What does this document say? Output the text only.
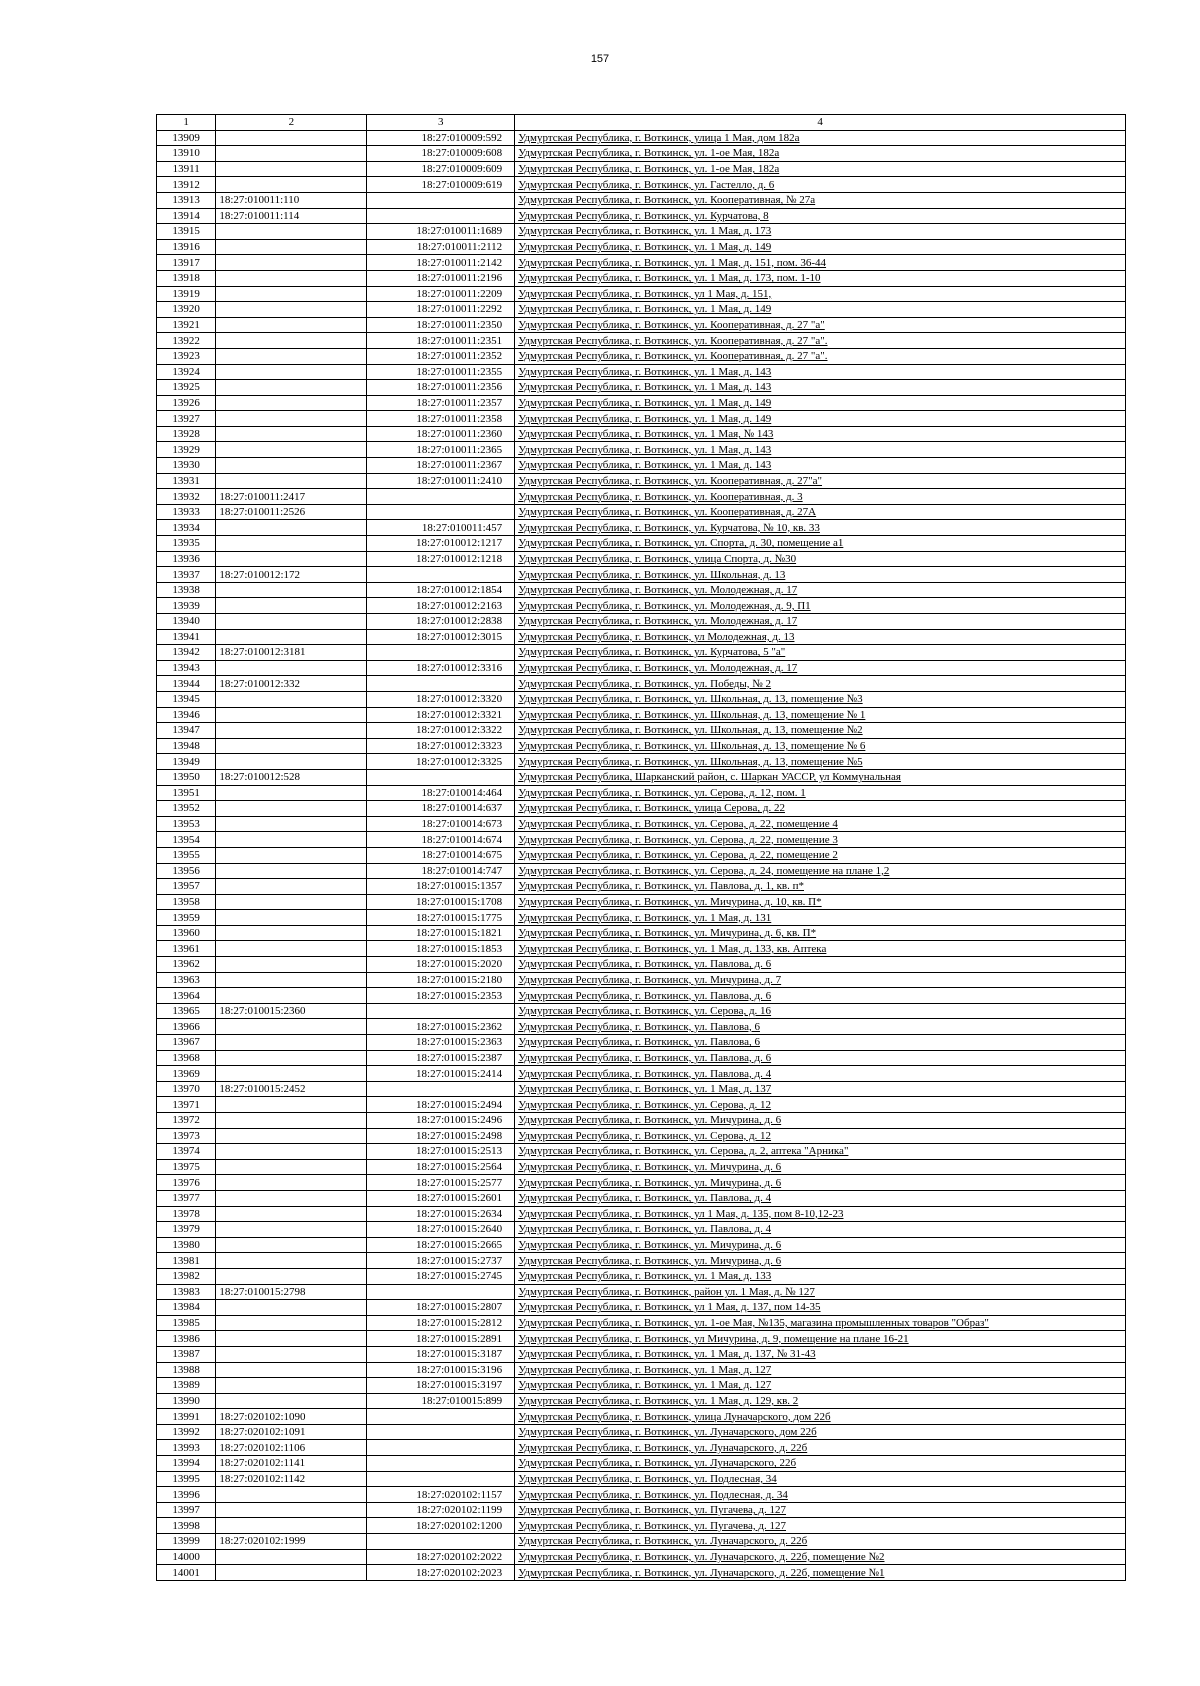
157
1	2	3	4
13909		18:27:010009:592	Удмуртская Республика, г. Воткинск, улица 1 Мая, дом 182а
13910		18:27:010009:608	Удмуртская Республика, г. Воткинск, ул. 1-ое Мая, 182а
13911		18:27:010009:609	Удмуртская Республика, г. Воткинск, ул. 1-ое Мая, 182а
13912		18:27:010009:619	Удмуртская Республика, г. Воткинск, ул. Гастелло, д. 6
13913	18:27:010011:110		Удмуртская Республика, г. Воткинск, ул. Кооперативная, № 27а
13914	18:27:010011:114		Удмуртская Республика, г. Воткинск, ул. Курчатова, 8
13915		18:27:010011:1689	Удмуртская Республика, г. Воткинск, ул. 1 Мая, д. 173
13916		18:27:010011:2112	Удмуртская Республика, г. Воткинск, ул. 1 Мая, д. 149
13917		18:27:010011:2142	Удмуртская Республика, г. Воткинск, ул. 1 Мая, д. 151, пом. 36-44
13918		18:27:010011:2196	Удмуртская Республика, г. Воткинск, ул. 1 Мая, д. 173, пом. 1-10
13919		18:27:010011:2209	Удмуртская Республика, г. Воткинск, ул 1 Мая, д. 151,
13920		18:27:010011:2292	Удмуртская Республика, г. Воткинск, ул. 1 Мая, д. 149
13921		18:27:010011:2350	Удмуртская Республика, г. Воткинск, ул. Кооперативная, д. 27 "а"
13922		18:27:010011:2351	Удмуртская Республика, г. Воткинск, ул. Кооперативная, д. 27 "а".
13923		18:27:010011:2352	Удмуртская Республика, г. Воткинск, ул. Кооперативная, д. 27 "а".
13924		18:27:010011:2355	Удмуртская Республика, г. Воткинск, ул. 1 Мая, д. 143
13925		18:27:010011:2356	Удмуртская Республика, г. Воткинск, ул. 1 Мая, д. 143
13926		18:27:010011:2357	Удмуртская Республика, г. Воткинск, ул. 1 Мая, д. 149
13927		18:27:010011:2358	Удмуртская Республика, г. Воткинск, ул. 1 Мая, д. 149
13928		18:27:010011:2360	Удмуртская Республика, г. Воткинск, ул. 1 Мая, № 143
13929		18:27:010011:2365	Удмуртская Республика, г. Воткинск, ул. 1 Мая, д. 143
13930		18:27:010011:2367	Удмуртская Республика, г. Воткинск, ул. 1 Мая, д. 143
13931		18:27:010011:2410	Удмуртская Республика, г. Воткинск, ул. Кооперативная, д. 27"а"
13932	18:27:010011:2417		Удмуртская Республика, г. Воткинск, ул. Кооперативная, д. 3
13933	18:27:010011:2526		Удмуртская Республика, г. Воткинск, ул. Кооперативная, д. 27А
13934		18:27:010011:457	Удмуртская Республика, г. Воткинск, ул. Курчатова, № 10, кв. 33
13935		18:27:010012:1217	Удмуртская Республика, г. Воткинск, ул. Спорта, д. 30, помещение а1
13936		18:27:010012:1218	Удмуртская Республика, г. Воткинск, улица Спорта, д. №30
13937	18:27:010012:172		Удмуртская Республика, г. Воткинск, ул. Школьная, д. 13
13938		18:27:010012:1854	Удмуртская Республика, г. Воткинск, ул. Молодежная, д. 17
13939		18:27:010012:2163	Удмуртская Республика, г. Воткинск, ул. Молодежная, д. 9, П1
13940		18:27:010012:2838	Удмуртская Республика, г. Воткинск, ул. Молодежная, д. 17
13941		18:27:010012:3015	Удмуртская Республика, г. Воткинск, ул Молодежная, д. 13
13942	18:27:010012:3181		Удмуртская Республика, г. Воткинск, ул. Курчатова, 5 "а"
13943		18:27:010012:3316	Удмуртская Республика, г. Воткинск, ул. Молодежная, д. 17
13944	18:27:010012:332		Удмуртская Республика, г. Воткинск, ул. Победы, № 2
13945		18:27:010012:3320	Удмуртская Республика, г. Воткинск, ул. Школьная, д. 13, помещение №3
13946		18:27:010012:3321	Удмуртская Республика, г. Воткинск, ул. Школьная, д. 13, помещение № 1
13947		18:27:010012:3322	Удмуртская Республика, г. Воткинск, ул. Школьная, д. 13, помещение №2
13948		18:27:010012:3323	Удмуртская Республика, г. Воткинск, ул. Школьная, д. 13, помещение № 6
13949		18:27:010012:3325	Удмуртская Республика, г. Воткинск, ул. Школьная, д. 13, помещение №5
13950	18:27:010012:528		Удмуртская Республика, Шарканский район, с. Шаркан УАССР, ул Коммунальная
13951		18:27:010014:464	Удмуртская Республика, г. Воткинск, ул. Серова, д. 12, пом. 1
13952		18:27:010014:637	Удмуртская Республика, г. Воткинск, улица Серова, д. 22
13953		18:27:010014:673	Удмуртская Республика, г. Воткинск, ул. Серова, д. 22, помещение 4
13954		18:27:010014:674	Удмуртская Республика, г. Воткинск, ул. Серова, д. 22, помещение 3
13955		18:27:010014:675	Удмуртская Республика, г. Воткинск, ул. Серова, д. 22, помещение 2
13956		18:27:010014:747	Удмуртская Республика, г. Воткинск, ул. Серова, д. 24, помещение на плане 1,2
13957		18:27:010015:1357	Удмуртская Республика, г. Воткинск, ул. Павлова, д. 1, кв. п*
13958		18:27:010015:1708	Удмуртская Республика, г. Воткинск, ул. Мичурина, д. 10, кв. П*
13959		18:27:010015:1775	Удмуртская Республика, г. Воткинск, ул. 1 Мая, д. 131
13960		18:27:010015:1821	Удмуртская Республика, г. Воткинск, ул. Мичурина, д. 6, кв. П*
13961		18:27:010015:1853	Удмуртская Республика, г. Воткинск, ул. 1 Мая, д. 133, кв. Аптека
13962		18:27:010015:2020	Удмуртская Республика, г. Воткинск, ул. Павлова, д. 6
13963		18:27:010015:2180	Удмуртская Республика, г. Воткинск, ул. Мичурина, д. 7
13964		18:27:010015:2353	Удмуртская Республика, г. Воткинск, ул. Павлова, д. 6
13965	18:27:010015:2360		Удмуртская Республика, г. Воткинск, ул. Серова, д. 16
13966		18:27:010015:2362	Удмуртская Республика, г. Воткинск, ул. Павлова, 6
13967		18:27:010015:2363	Удмуртская Республика, г. Воткинск, ул. Павлова, 6
13968		18:27:010015:2387	Удмуртская Республика, г. Воткинск, ул. Павлова, д. 6
13969		18:27:010015:2414	Удмуртская Республика, г. Воткинск, ул. Павлова, д. 4
13970	18:27:010015:2452		Удмуртская Республика, г. Воткинск, ул. 1 Мая, д. 137
13971		18:27:010015:2494	Удмуртская Республика, г. Воткинск, ул. Серова, д. 12
13972		18:27:010015:2496	Удмуртская Республика, г. Воткинск, ул. Мичурина, д. 6
13973		18:27:010015:2498	Удмуртская Республика, г. Воткинск, ул. Серова, д. 12
13974		18:27:010015:2513	Удмуртская Республика, г. Воткинск, ул. Серова, д. 2, аптека "Арника"
13975		18:27:010015:2564	Удмуртская Республика, г. Воткинск, ул. Мичурина, д. 6
13976		18:27:010015:2577	Удмуртская Республика, г. Воткинск, ул. Мичурина, д. 6
13977		18:27:010015:2601	Удмуртская Республика, г. Воткинск, ул. Павлова, д. 4
13978		18:27:010015:2634	Удмуртская Республика, г. Воткинск, ул 1 Мая, д. 135, пом 8-10,12-23
13979		18:27:010015:2640	Удмуртская Республика, г. Воткинск, ул. Павлова, д. 4
13980		18:27:010015:2665	Удмуртская Республика, г. Воткинск, ул. Мичурина, д. 6
13981		18:27:010015:2737	Удмуртская Республика, г. Воткинск, ул. Мичурина, д. 6
13982		18:27:010015:2745	Удмуртская Республика, г. Воткинск, ул. 1 Мая, д. 133
13983	18:27:010015:2798		Удмуртская Республика, г. Воткинск, район ул. 1 Мая, д. № 127
13984		18:27:010015:2807	Удмуртская Республика, г. Воткинск, ул 1 Мая, д. 137, пом 14-35
13985		18:27:010015:2812	Удмуртская Республика, г. Воткинск, ул. 1-ое Мая, №135, магазина промышленных товаров "Образ"
13986		18:27:010015:2891	Удмуртская Республика, г. Воткинск, ул Мичурина, д. 9, помещение на плане 16-21
13987		18:27:010015:3187	Удмуртская Республика, г. Воткинск, ул. 1 Мая, д. 137, № 31-43
13988		18:27:010015:3196	Удмуртская Республика, г. Воткинск, ул. 1 Мая, д. 127
13989		18:27:010015:3197	Удмуртская Республика, г. Воткинск, ул. 1 Мая, д. 127
13990		18:27:010015:899	Удмуртская Республика, г. Воткинск, ул. 1 Мая, д. 129, кв. 2
13991	18:27:020102:1090		Удмуртская Республика, г. Воткинск, улица Луначарского, дом 22б
13992	18:27:020102:1091		Удмуртская Республика, г. Воткинск, ул. Луначарского, дом 22б
13993	18:27:020102:1106		Удмуртская Республика, г. Воткинск, ул. Луначарского, д. 22б
13994	18:27:020102:1141		Удмуртская Республика, г. Воткинск, ул. Луначарского, 22б
13995	18:27:020102:1142		Удмуртская Республика, г. Воткинск, ул. Подлесная, 34
13996		18:27:020102:1157	Удмуртская Республика, г. Воткинск, ул. Подлесная, д. 34
13997		18:27:020102:1199	Удмуртская Республика, г. Воткинск, ул. Пугачева, д. 127
13998		18:27:020102:1200	Удмуртская Республика, г. Воткинск, ул. Пугачева, д. 127
13999	18:27:020102:1999		Удмуртская Республика, г. Воткинск, ул. Луначарского, д. 22б
14000		18:27:020102:2022	Удмуртская Республика, г. Воткинск, ул. Луначарского, д. 22б, помещение №2
14001		18:27:020102:2023	Удмуртская Республика, г. Воткинск, ул. Луначарского, д. 22б, помещение №1
